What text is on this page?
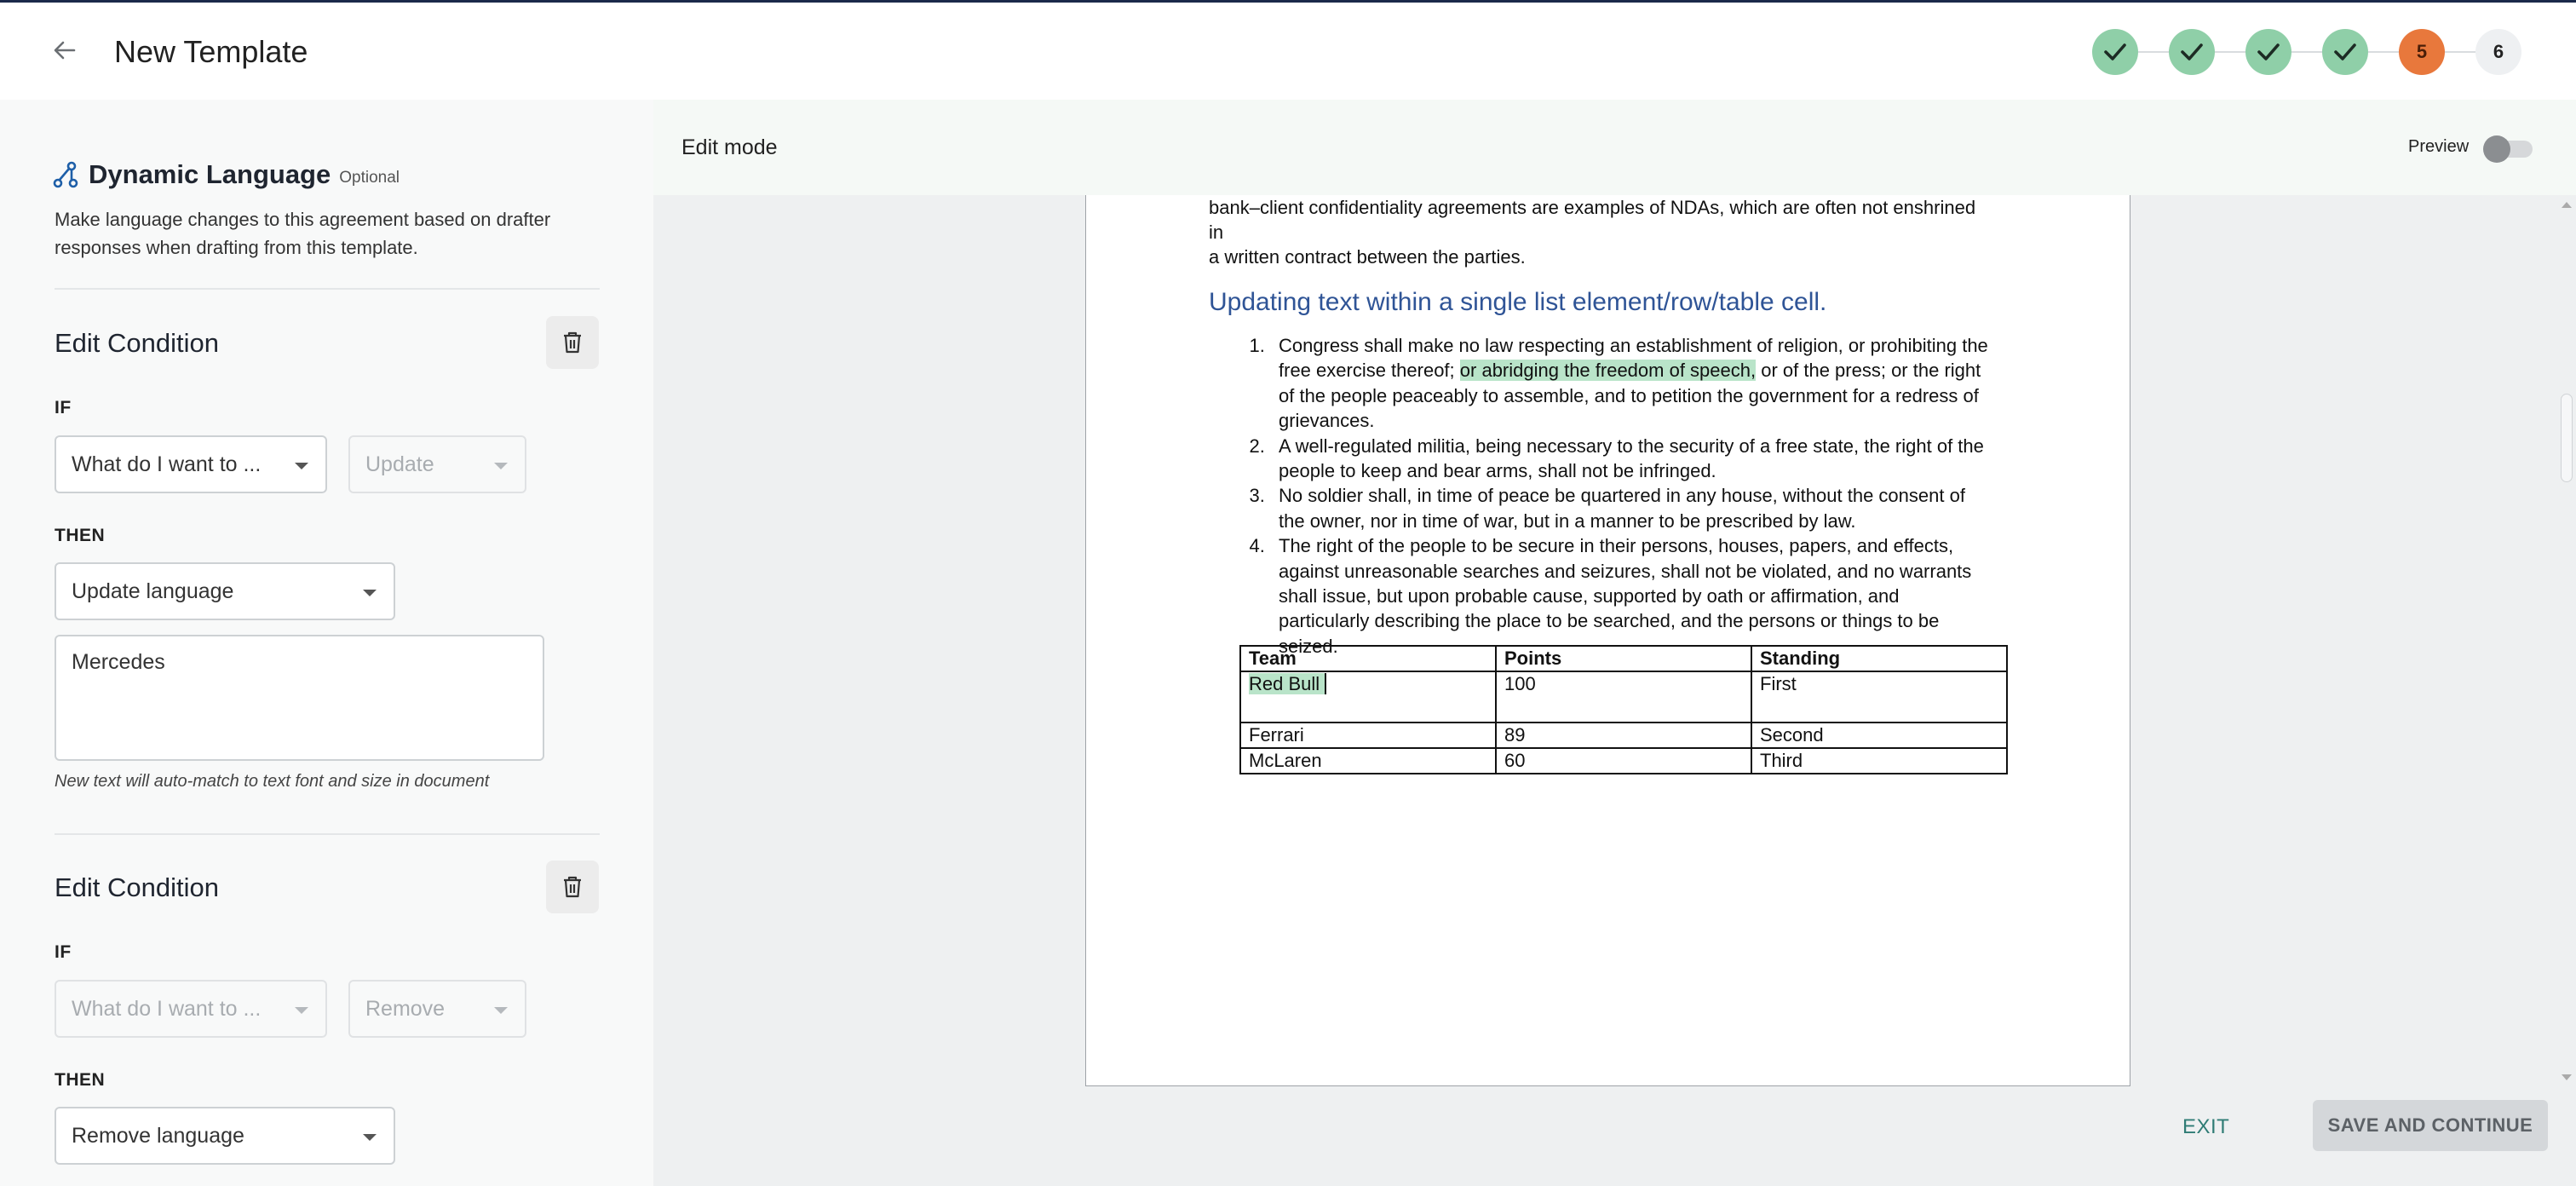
New Template	5	6
Dynamic Language Optional
Make language changes to this agreement based on drafter responses when drafting from this template.
Edit Condition
IF
What do I want to ...	Update
THEN
Update language
Mercedes
New text will auto-match to text font and size in document
Edit Condition
IF
What do I want to ...	Remove
THEN
Remove language
Edit mode	Preview
bank–client confidentiality agreements are examples of NDAs, which are often not enshrined in
a written contract between the parties.
Updating text within a single list element/row/table cell.
1. Congress shall make no law respecting an establishment of religion, or prohibiting the free exercise thereof; or abridging the freedom of speech, or of the press; or the right of the people peaceably to assemble, and to petition the government for a redress of grievances.
2. A well-regulated militia, being necessary to the security of a free state, the right of the people to keep and bear arms, shall not be infringed.
3. No soldier shall, in time of peace be quartered in any house, without the consent of the owner, nor in time of war, but in a manner to be prescribed by law.
4. The right of the people to be secure in their persons, houses, papers, and effects, against unreasonable searches and seizures, shall not be violated, and no warrants shall issue, but upon probable cause, supported by oath or affirmation, and particularly describing the place to be searched, and the persons or things to be seized.
Team	Points	Standing
Red Bull	100	First
Ferrari	89	Second
McLaren	60	Third
EXIT	SAVE AND CONTINUE
